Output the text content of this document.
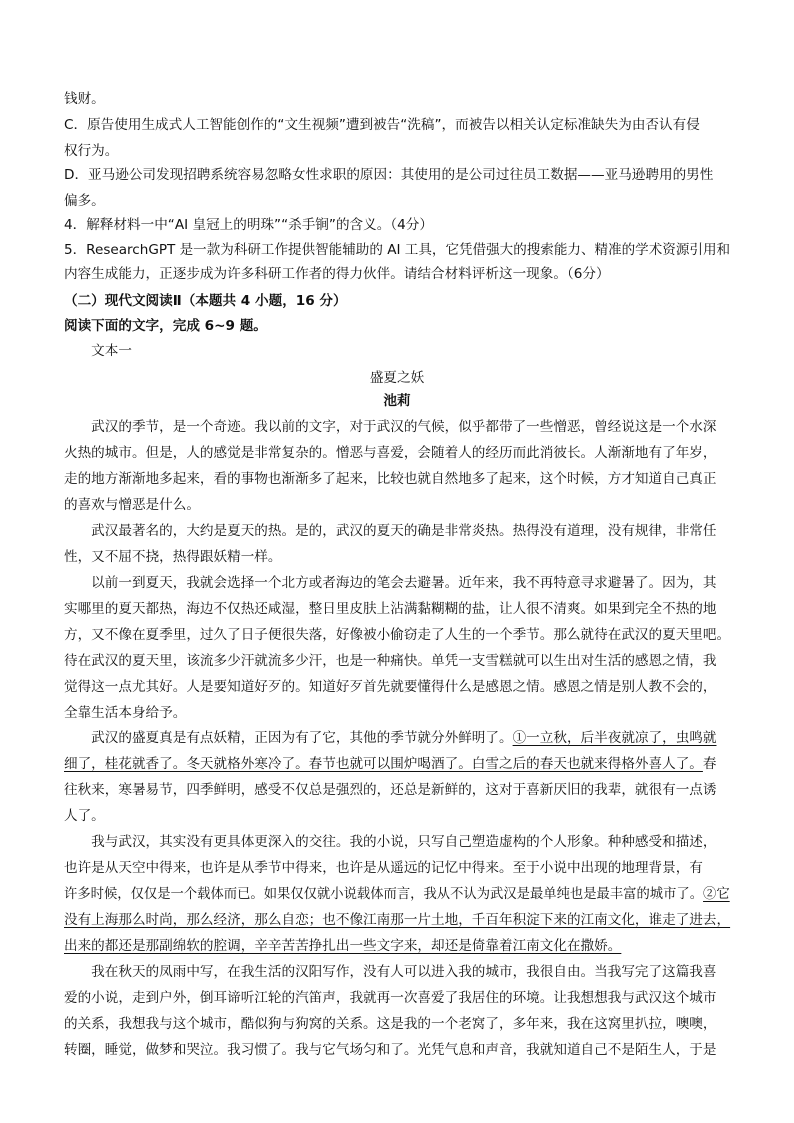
钱财。
C．原告使用生成式人工智能创作的“文生视频”遭到被告“洗稿”，而被告以相关认定标准缺失为由否认有侵
权行为。
D．亚马逊公司发现招聘系统容易忽略女性求职的原因：其使用的是公司过往员工数据——亚马逊聘用的男性
偏多。
4．解释材料一中“AI 皇冠上的明珠”“杀手锏”的含义。（4分）
5．ResearchGPT 是一款为科研工作提供智能辅助的 AI 工具，它凭借强大的搜索能力、精准的学术资源引用和
内容生成能力，正逐步成为许多科研工作者的得力伙伴。请结合材料评析这一现象。（6分）
（二）现代文阅读Ⅱ（本题共 4 小题，16 分）
阅读下面的文字，完成 6~9 题。
　　文本一
盛夏之妖
池莉
　　武汉的季节，是一个奇迹。我以前的文字，对于武汉的气候，似乎都带了一些憎恶，曾经说这是一个水深
火热的城市。但是，人的感觉是非常复杂的。憎恶与喜爱，会随着人的经历而此消彼长。人渐渐地有了年岁，
走的地方渐渐地多起来，看的事物也渐渐多了起来，比较也就自然地多了起来，这个时候，方才知道自己真正
的喜欢与憎恶是什么。
　　武汉最著名的，大约是夏天的热。是的，武汉的夏天的确是非常炎热。热得没有道理，没有规律，非常任
性，又不屈不挠，热得跟妖精一样。
　　以前一到夏天，我就会选择一个北方或者海边的笔会去避暑。近年来，我不再特意寻求避暑了。因为，其
实哪里的夏天都热，海边不仅热还咸湿，整日里皮肤上沾满黏糊糊的盐，让人很不清爽。如果到完全不热的地
方，又不像在夏季里，过久了日子便很失落，好像被小偷窃走了人生的一个季节。那么就待在武汉的夏天里吧。
待在武汉的夏天里，该流多少汗就流多少汗，也是一种痛快。单凭一支雪糕就可以生出对生活的感恩之情，我
觉得这一点尤其好。人是要知道好歹的。知道好歹首先就要懂得什么是感恩之情。感恩之情是别人教不会的，
全靠生活本身给予。
　　武汉的盛夏真是有点妖精，正因为有了它，其他的季节就分外鲜明了。①一立秋，后半夜就凉了，虫鸣就
细了，桂花就香了。冬天就格外寒冷了。春节也就可以围炉喝酒了。白雪之后的春天也就来得格外喜人了。春
往秋来，寒暑易节，四季鲜明，感受不仅总是强烈的，还总是新鲜的，这对于喜新厌旧的我辈，就很有一点诱
人了。
　　我与武汉，其实没有更具体更深入的交往。我的小说，只写自己塑造虚构的个人形象。种种感受和描述，
也许是从天空中得来，也许是从季节中得来，也许是从遥远的记忆中得来。至于小说中出现的地理背景，有
许多时候，仅仅是一个载体而已。如果仅仅就小说载体而言，我从不认为武汉是最单纯也是最丰富的城市了。②它
没有上海那么时尚，那么经济，那么自恋；也不像江南那一片土地，千百年积淀下来的江南文化，谁走了进去，
出来的都还是那副绵软的腔调，辛辛苦苦挣扎出一些文字来，却还是倚靠着江南文化在撒娇。
　　我在秋天的凤雨中写，在我生活的汉阳写作，没有人可以进入我的城市，我很自由。当我写完了这篇我喜
爱的小说，走到户外，倒耳谛听江轮的汽笛声，我就再一次喜爱了我居住的环境。让我想想我与武汉这个城市
的关系，我想我与这个城市，酷似狗与狗窝的关系。这是我的一个老窝了，多年来，我在这窝里扒拉，噢噢，
转圈，睡觉，做梦和哭泣。我习惯了。我与它气场匀和了。光凭气息和声音，我就知道自己不是陌生人，于是
